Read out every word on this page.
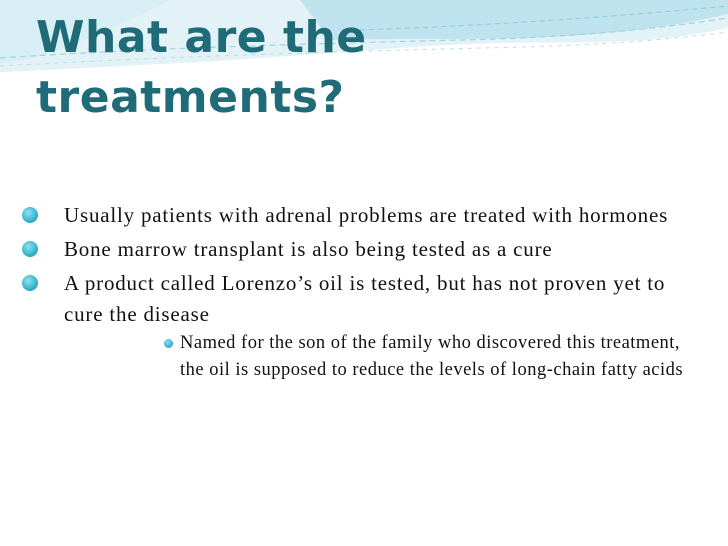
What are the
treatments?
Usually patients with adrenal problems are treated with hormones
Bone marrow transplant is also being tested as a cure
A product called Lorenzo’s oil is tested, but has not proven yet to cure the disease
Named for the son of the family who discovered this treatment, the oil is supposed to reduce the levels of long-chain fatty acids
